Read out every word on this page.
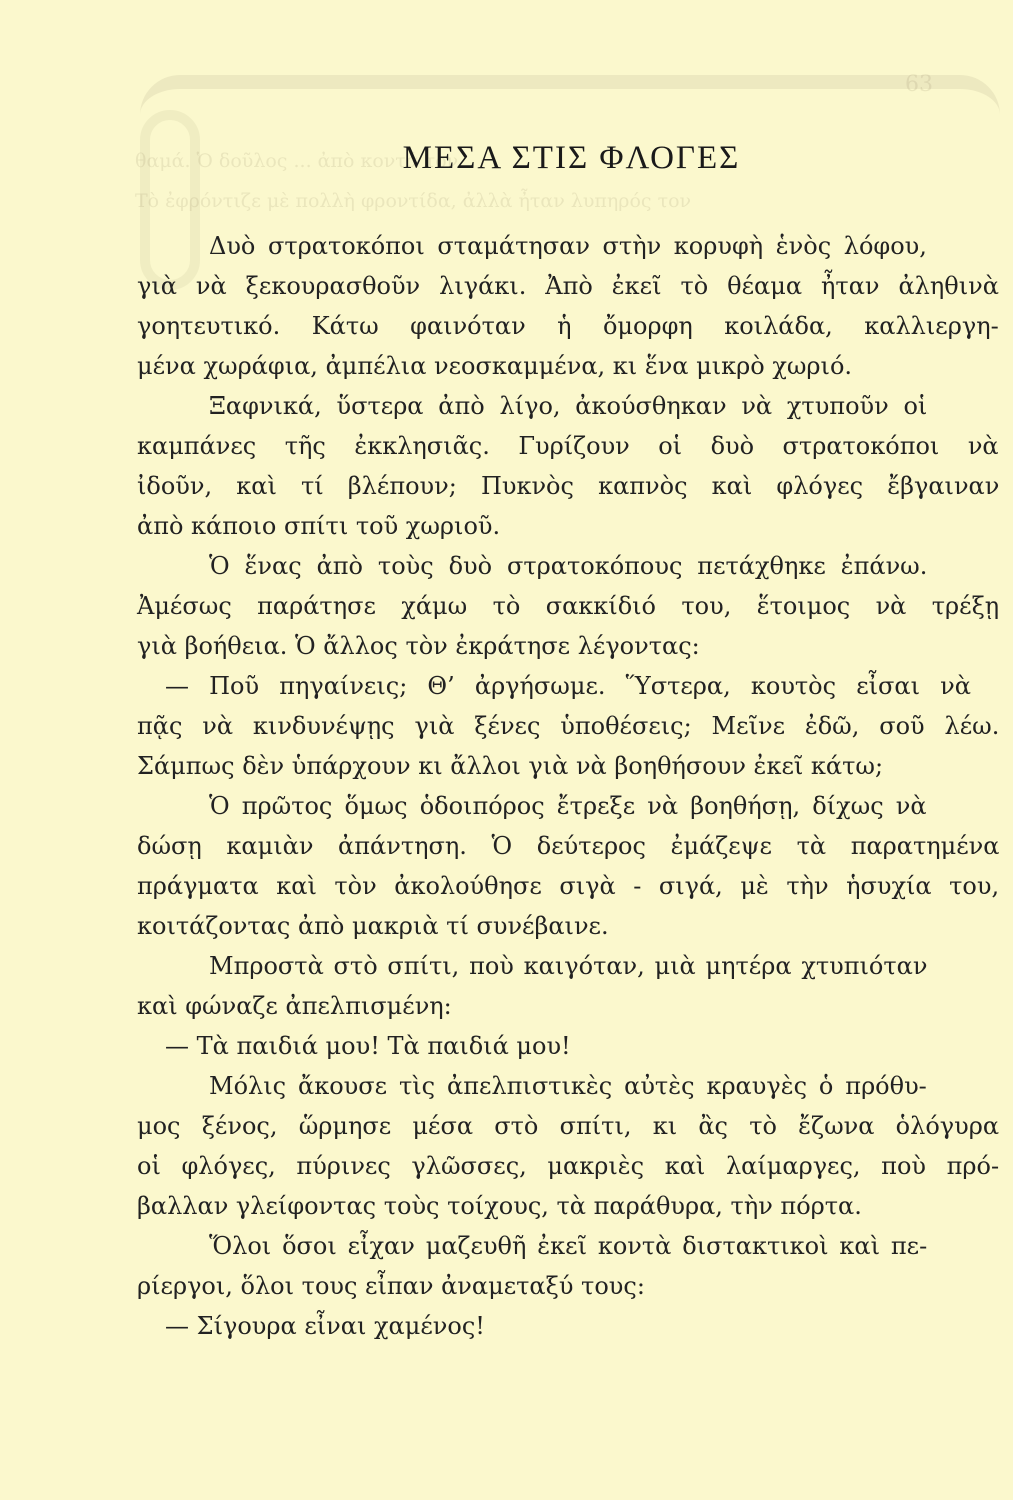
63
θαμά. Ὁ δοῦλος ... ἀπὸ κοντά τον
Τὸ ἐφρόντιζε μὲ πολλὴ φροντίδα, ἀλλὰ ἦταν λυπηρός τον
ΜΕΣΑ ΣΤΙΣ ΦΛΟΓΕΣ

Δυὸ στρατοκόποι σταμάτησαν στὴν κορυφὴ ἑνὸς λόφου,
γιὰ νὰ ξεκουρασθοῦν λιγάκι. Ἀπὸ ἐκεῖ τὸ θέαμα ἦταν ἀληθινὰ
γοητευτικό. Κάτω φαινόταν ἡ ὄμορφη κοιλάδα, καλλιεργη-
μένα χωράφια, ἀμπέλια νεοσκαμμένα, κι ἕνα μικρὸ χωριό.

Ξαφνικά, ὕστερα ἀπὸ λίγο, ἀκούσθηκαν νὰ χτυποῦν οἱ
καμπάνες τῆς ἐκκλησιᾶς. Γυρίζουν οἱ δυὸ στρατοκόποι νὰ
ἰδοῦν, καὶ τί βλέπουν; Πυκνὸς καπνὸς καὶ φλόγες ἔβγαιναν
ἀπὸ κάποιο σπίτι τοῦ χωριοῦ.

Ὁ ἕνας ἀπὸ τοὺς δυὸ στρατοκόπους πετάχθηκε ἐπάνω.
Ἀμέσως παράτησε χάμω τὸ σακκίδιό του, ἕτοιμος νὰ τρέξῃ
γιὰ βοήθεια. Ὁ ἄλλος τὸν ἐκράτησε λέγοντας:

— Ποῦ πηγαίνεις; Θ’ ἀργήσωμε. Ὕστερα, κουτὸς εἶσαι νὰ
πᾷς νὰ κινδυνέψῃς γιὰ ξένες ὑποθέσεις; Μεῖνε ἐδῶ, σοῦ λέω.
Σάμπως δὲν ὑπάρχουν κι ἄλλοι γιὰ νὰ βοηθήσουν ἐκεῖ κάτω;

Ὁ πρῶτος ὅμως ὁδοιπόρος ἔτρεξε νὰ βοηθήσῃ, δίχως νὰ
δώσῃ καμιὰν ἀπάντηση. Ὁ δεύτερος ἐμάζεψε τὰ παρατημένα
πράγματα καὶ τὸν ἀκολούθησε σιγὰ - σιγά, μὲ τὴν ἡσυχία του,
κοιτάζοντας ἀπὸ μακριὰ τί συνέβαινε.

Μπροστὰ στὸ σπίτι, ποὺ καιγόταν, μιὰ μητέρα χτυπιόταν
καὶ φώναζε ἀπελπισμένη:

— Τὰ παιδιά μου! Τὰ παιδιά μου!

Μόλις ἄκουσε τὶς ἀπελπιστικὲς αὐτὲς κραυγὲς ὁ πρόθυ-
μος ξένος, ὥρμησε μέσα στὸ σπίτι, κι ἂς τὸ ἔζωνα ὁλόγυρα
οἱ φλόγες, πύρινες γλῶσσες, μακριὲς καὶ λαίμαργες, ποὺ πρό-
βαλλαν γλείφοντας τοὺς τοίχους, τὰ παράθυρα, τὴν πόρτα.

Ὅλοι ὅσοι εἶχαν μαζευθῆ ἐκεῖ κοντὰ διστακτικοὶ καὶ πε-
ρίεργοι, ὅλοι τους εἶπαν ἀναμεταξύ τους:

— Σίγουρα εἶναι χαμένος!
